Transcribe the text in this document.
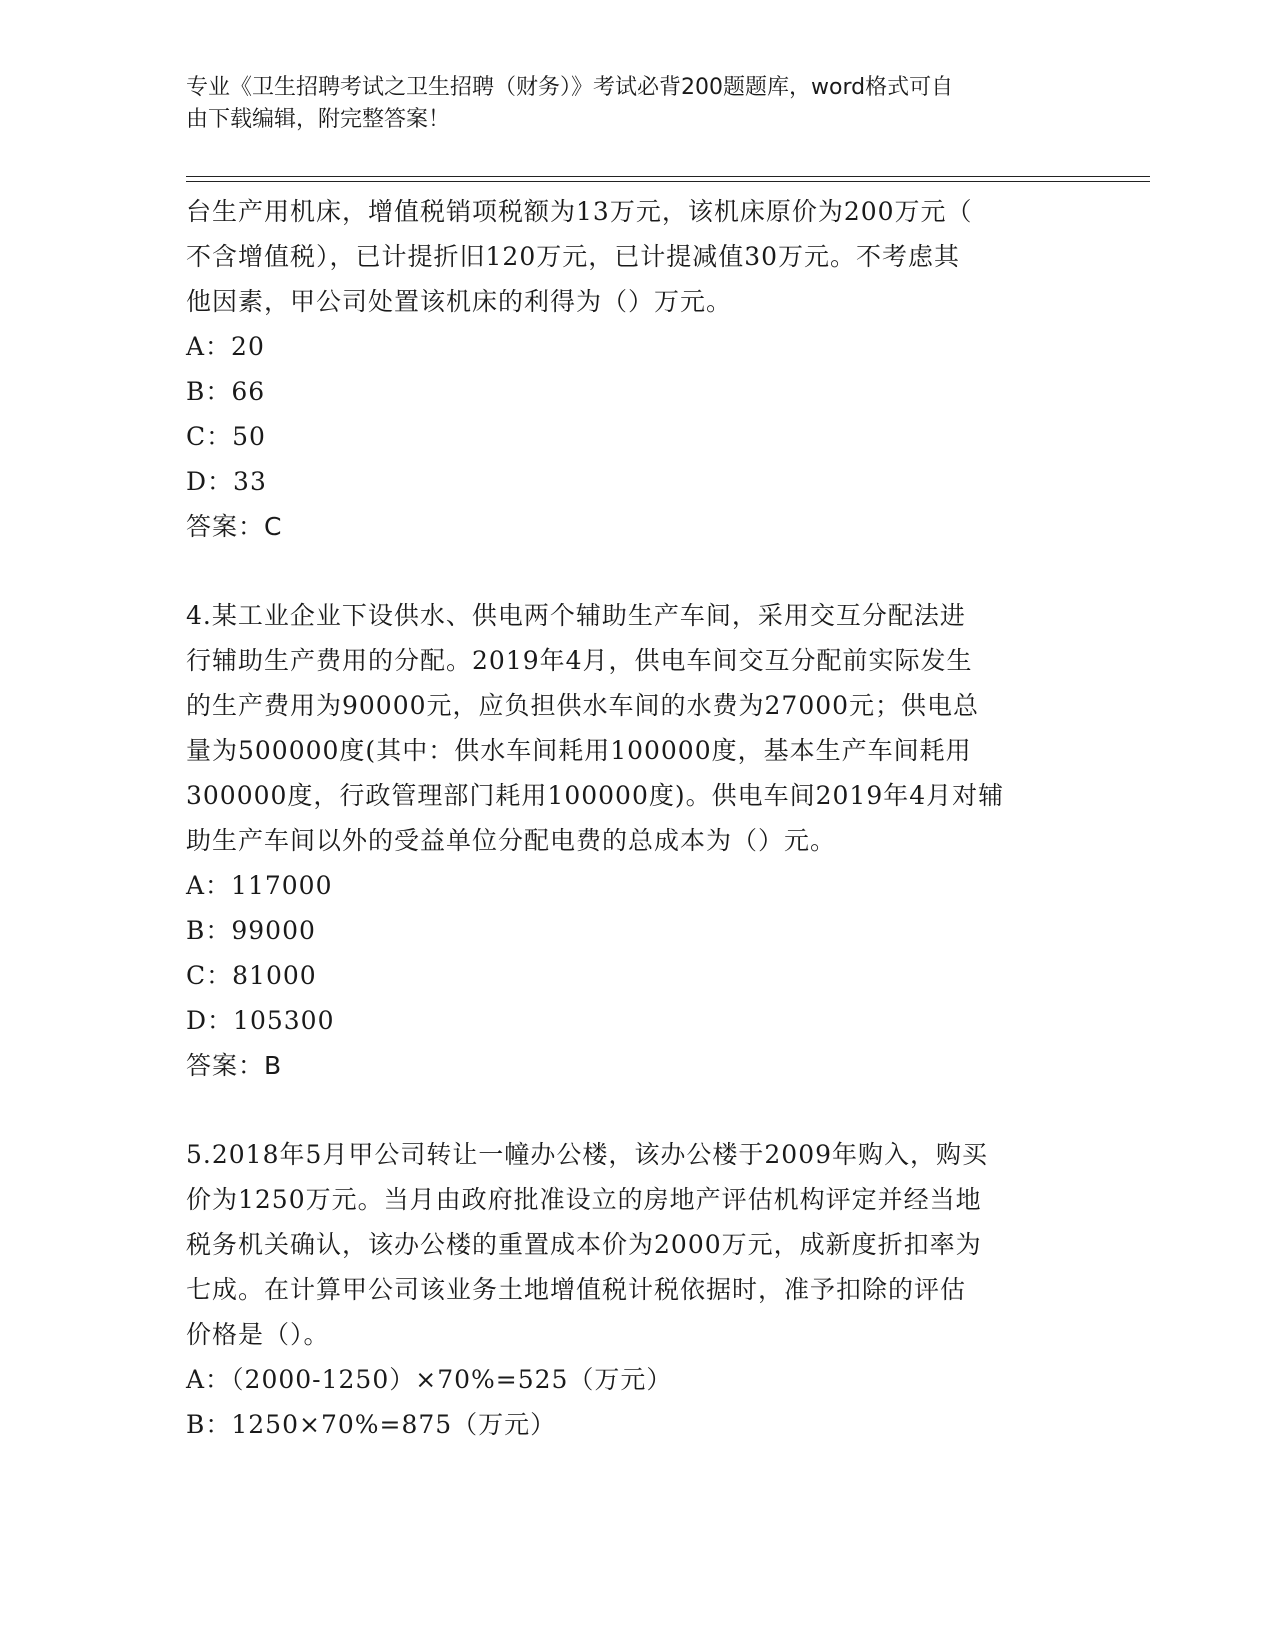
专业《卫生招聘考试之卫生招聘（财务）》考试必背200题题库，word格式可自
由下载编辑，附完整答案！

台生产用机床，增值税销项税额为13万元，该机床原价为200万元（

不含增值税），已计提折旧120万元，已计提减值30万元。不考虑其

他因素，甲公司处置该机床的利得为（）万元。

A：20

B：66

C：50

D：33

答案：C

4.某工业企业下设供水、供电两个辅助生产车间，采用交互分配法进

行辅助生产费用的分配。2019年4月，供电车间交互分配前实际发生

的生产费用为90000元，应负担供水车间的水费为27000元；供电总

量为500000度(其中：供水车间耗用100000度，基本生产车间耗用

300000度，行政管理部门耗用100000度)。供电车间2019年4月对辅

助生产车间以外的受益单位分配电费的总成本为（）元。

A：117000

B：99000

C：81000

D：105300

答案：B

5.2018年5月甲公司转让一幢办公楼，该办公楼于2009年购入，购买

价为1250万元。当月由政府批准设立的房地产评估机构评定并经当地

税务机关确认，该办公楼的重置成本价为2000万元，成新度折扣率为

七成。在计算甲公司该业务土地增值税计税依据时，准予扣除的评估

价格是（）。

A：（2000-1250）×70%=525（万元）

B：1250×70%=875（万元）
